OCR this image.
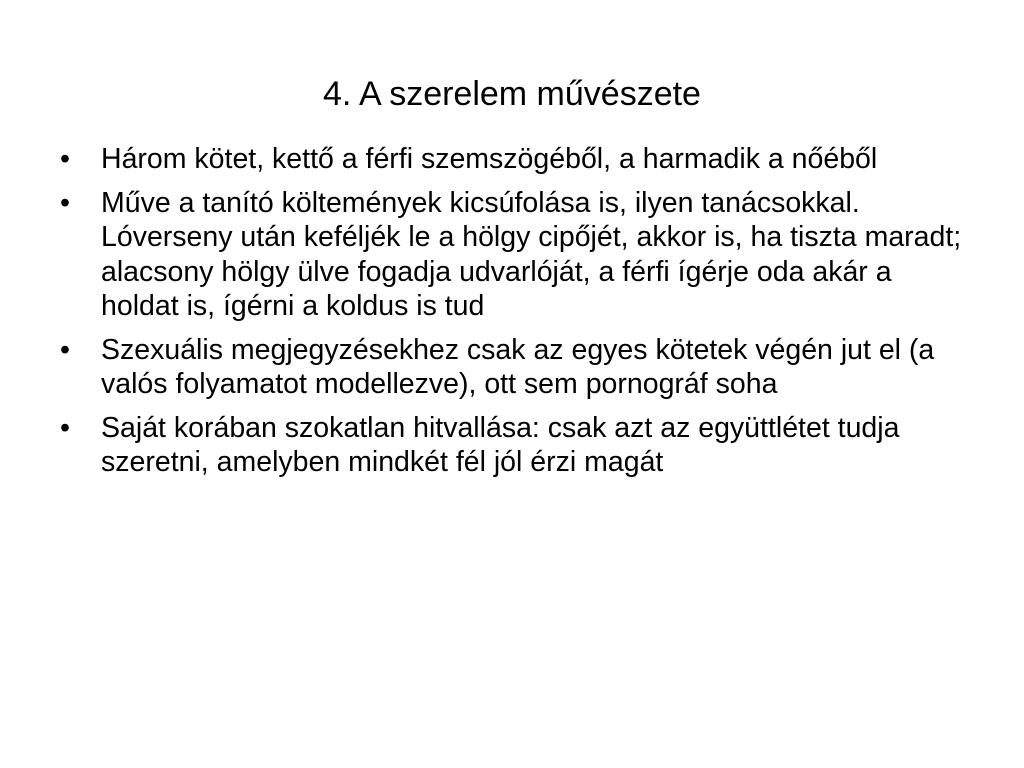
4. A szerelem művészete
•	Három kötet, kettő a férfi szemszögéből, a harmadik a nőéből
•	Műve a tanító költemények kicsúfolása is, ilyen tanácsokkal. Lóverseny után keféljék le a hölgy cipőjét, akkor is, ha tiszta maradt; alacsony hölgy ülve fogadja udvarlóját, a férfi ígérje oda akár a holdat is, ígérni a koldus is tud
•	Szexuális megjegyzésekhez csak az egyes kötetek végén jut el (a valós folyamatot modellezve), ott sem pornográf soha
•	Saját korában szokatlan hitvallása: csak azt az együttlétet tudja szeretni, amelyben mindkét fél jól érzi magát
